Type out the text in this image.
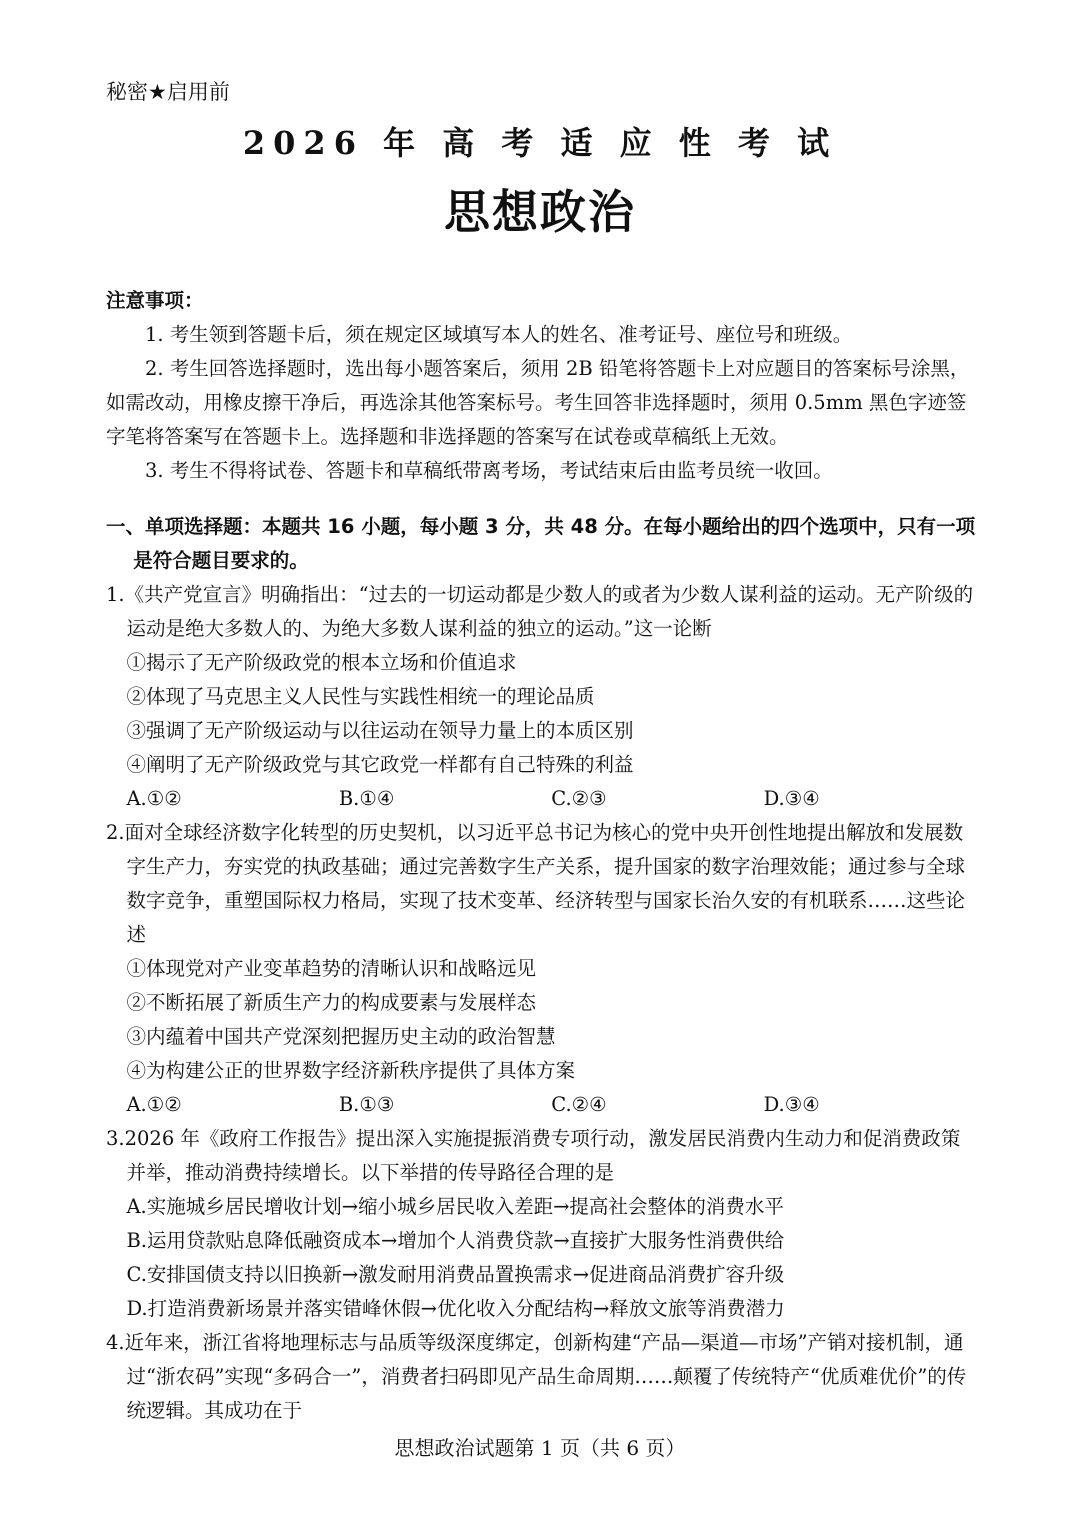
秘密★启用前
2026 年 高 考 适 应 性 考 试
思想政治
注意事项：
1. 考生领到答题卡后，须在规定区域填写本人的姓名、准考证号、座位号和班级。
2. 考生回答选择题时，选出每小题答案后，须用 2B 铅笔将答题卡上对应题目的答案标号涂黑，如需改动，用橡皮擦干净后，再选涂其他答案标号。考生回答非选择题时，须用 0.5mm 黑色字迹签字笔将答案写在答题卡上。选择题和非选择题的答案写在试卷或草稿纸上无效。
3. 考生不得将试卷、答题卡和草稿纸带离考场，考试结束后由监考员统一收回。
一、单项选择题：本题共 16 小题，每小题 3 分，共 48 分。在每小题给出的四个选项中，只有一项是符合题目要求的。
1.《共产党宣言》明确指出：“过去的一切运动都是少数人的或者为少数人谋利益的运动。无产阶级的运动是绝大多数人的、为绝大多数人谋利益的独立的运动。”这一论断
①揭示了无产阶级政党的根本立场和价值追求
②体现了马克思主义人民性与实践性相统一的理论品质
③强调了无产阶级运动与以往运动在领导力量上的本质区别
④阐明了无产阶级政党与其它政党一样都有自己特殊的利益
A.①②	B.①④	C.②③	D.③④
2.面对全球经济数字化转型的历史契机，以习近平总书记为核心的党中央开创性地提出解放和发展数字生产力，夯实党的执政基础；通过完善数字生产关系，提升国家的数字治理效能；通过参与全球数字竞争，重塑国际权力格局，实现了技术变革、经济转型与国家长治久安的有机联系……这些论述
①体现党对产业变革趋势的清晰认识和战略远见
②不断拓展了新质生产力的构成要素与发展样态
③内蕴着中国共产党深刻把握历史主动的政治智慧
④为构建公正的世界数字经济新秩序提供了具体方案
A.①②	B.①③	C.②④	D.③④
3.2026 年《政府工作报告》提出深入实施提振消费专项行动，激发居民消费内生动力和促消费政策并举，推动消费持续增长。以下举措的传导路径合理的是
A.实施城乡居民增收计划→缩小城乡居民收入差距→提高社会整体的消费水平
B.运用贷款贴息降低融资成本→增加个人消费贷款→直接扩大服务性消费供给
C.安排国债支持以旧换新→激发耐用消费品置换需求→促进商品消费扩容升级
D.打造消费新场景并落实错峰休假→优化收入分配结构→释放文旅等消费潜力
4.近年来，浙江省将地理标志与品质等级深度绑定，创新构建“产品—渠道—市场”产销对接机制，通过“浙农码”实现“多码合一”，消费者扫码即见产品生命周期……颠覆了传统特产“优质难优价”的传统逻辑。其成功在于
思想政治试题第 1 页（共 6 页）
